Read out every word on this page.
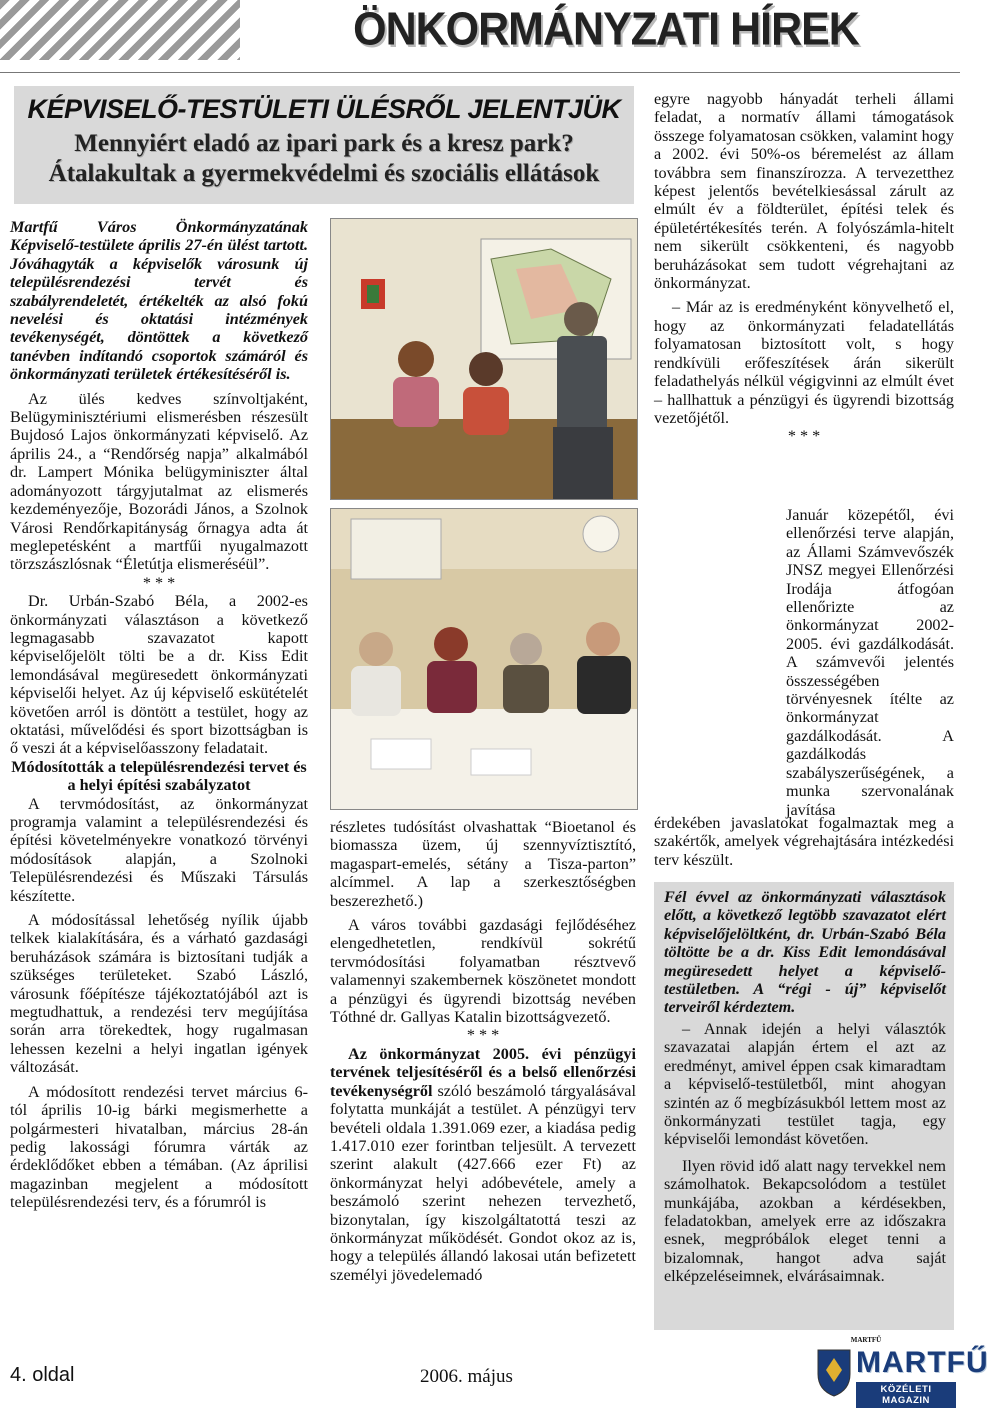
ÖNKORMÁNYZATI HÍREK
KÉPVISELŐ-TESTÜLETI ÜLÉSRŐL JELENTJÜK
Mennyiért eladó az ipari park és a kresz park?
Átalakultak a gyermekvédelmi és szociális ellátások

Martfű Város Önkormányzatának Képviselő-testülete április 27-én ülést tartott. Jóváhagyták a képviselők városunk új településrendezési tervét és szabályrendeletét, értékelték az alsó fokú nevelési és oktatási intézmények tevékenységét, döntöttek a következő tanévben indítandó csoportok számáról és önkormányzati területek értékesítéséről is.

Az ülés kedves színvoltjaként, Belügyminisztériumi elismerésben részesült Bujdosó Lajos önkormányzati képviselő. Az április 24., a “Rendőrség napja” alkalmából dr. Lampert Mónika belügyminiszter által adományozott tárgyjutalmat az elismerés kezdeményezője, Bozorádi János, a Szolnok Városi Rendőrkapitányság őrnagya adta át meglepetésként a martfűi nyugalmazott törzszászlósnak “Életútja elismeréséül”.

* * *

Dr. Urbán-Szabó Béla, a 2002-es önkormányzati választáson a következő legmagasabb szavazatot kapott képviselőjelölt tölti be a dr. Kiss Edit lemondásával megüresedett önkormányzati képviselői helyet. Az új képviselő eskütételét követően arról is döntött a testület, hogy az oktatási, művelődési és sport bizottságban is ő veszi át a képviselőasszony feladatait.

Módosították a településrendezési tervet és a helyi építési szabályzatot

A tervmódosítást, az önkormányzat programja valamint a településrendezési és építési követelményekre vonatkozó törvényi módosítások alapján, a Szolnoki Településrendezési és Műszaki Társulás készítette.

A módosítással lehetőség nyílik újabb telkek kialakítására, és a várható gazdasági beruházások számára is biztosítani tudják a szükséges területeket. Szabó László, városunk főépítésze tájékoztatójából azt is megtudhattuk, a rendezési terv megújítása során arra törekedtek, hogy rugalmasan lehessen kezelni a helyi ingatlan igények változását.

A módosított rendezési tervet március 6-tól április 10-ig bárki megismerhette a polgármesteri hivatalban, március 28-án pedig lakossági fórumra várták az érdeklődőket ebben a témában. (Az áprilisi magazinban megjelent a módosított településrendezési terv, és a fórumról is

részletes tudósítást olvashattak “Bioetanol és biomassza üzem, új szennyvíztisztító, magaspart-emelés, sétány a Tisza-parton” alcímmel. A lap a szerkesztőségben beszerezhető.)

A város további gazdasági fejlődéséhez elengedhetetlen, rendkívül sokrétű tervmódosítási folyamatban résztvevő valamennyi szakembernek köszönetet mondott a pénzügyi és ügyrendi bizottság nevében Tóthné dr. Gallyas Katalin bizottságvezető.

* * *

Az önkormányzat 2005. évi pénzügyi tervének teljesítéséről és a belső ellenőrzési tevékenységről szóló beszámoló tárgyalásával folytatta munkáját a testület. A pénzügyi terv bevételi oldala 1.391.069 ezer, a kiadása pedig 1.417.010 ezer forintban teljesült. A tervezett szerint alakult (427.666 ezer Ft) az önkormányzat helyi adóbevétele, amely a beszámoló szerint nehezen tervezhető, bizonytalan, így kiszolgáltatottá teszi az önkormányzat működését. Gondot okoz az is, hogy a település állandó lakosai után befizetett személyi jövedelemadó

egyre nagyobb hányadát terheli állami feladat, a normatív állami támogatások összege folyamatosan csökken, valamint hogy a 2002. évi 50%-os béremelést az állam továbbra sem finanszírozza. A tervezetthez képest jelentős bevételkiesással zárult az elmúlt év a földterület, építési telek és épületértékesítés terén. A folyószámla-hitelt nem sikerült csökkenteni, és nagyobb beruházásokat sem tudott végrehajtani az önkormányzat.

– Már az is eredményként könyvelhető el, hogy az önkormányzati feladatellátás folyamatosan biztosított volt, s hogy rendkívüli erőfeszítések árán sikerült feladathelyás nélkül végigvinni az elmúlt évet – hallhattuk a pénzügyi és ügyrendi bizottság vezetőjétől.

* * *

Január közepétől, évi ellenőrzési terve alapján, az Állami Számvevőszék JNSZ megyei Ellenőrzési Irodája átfogóan ellenőrizte az önkormányzat 2002-2005. évi gazdálkodását. A számvevői jelentés összességében törvényesnek ítélte az önkormányzat gazdálkodását. A gazdálkodás szabályszerűségének, a munka szervonalának javítása

érdekében javaslatokat fogalmaztak meg a szakértők, amelyek végrehajtására intézkedési terv készült.

Fél évvel az önkormányzati választások előtt, a következő legtöbb szavazatot elért képviselőjelöltként, dr. Urbán-Szabó Béla töltötte be a dr. Kiss Edit lemondásával megüresedett helyet a képviselő-testületben. A “régi - új” képviselőt terveiről kérdeztem.

– Annak idején a helyi választók szavazatai alapján értem el azt az eredményt, amivel éppen csak kimaradtam a képviselő-testületből, mint ahogyan szintén az ő megbízásukból lettem most az önkormányzati testület tagja, egy képviselői lemondást követően.

Ilyen rövid idő alatt nagy tervekkel nem számolhatok. Bekapcsolódom a testület munkájába, azokban a kérdésekben, feladatokban, amelyek erre az időszakra esnek, megpróbálok eleget tenni a bizalomnak, hangot adva saját elképzeléseimnek, elvárásaimnak.

4. oldal	2006. május
MARTFŰ
MARTFŰ
KÖZÉLETI MAGAZIN
